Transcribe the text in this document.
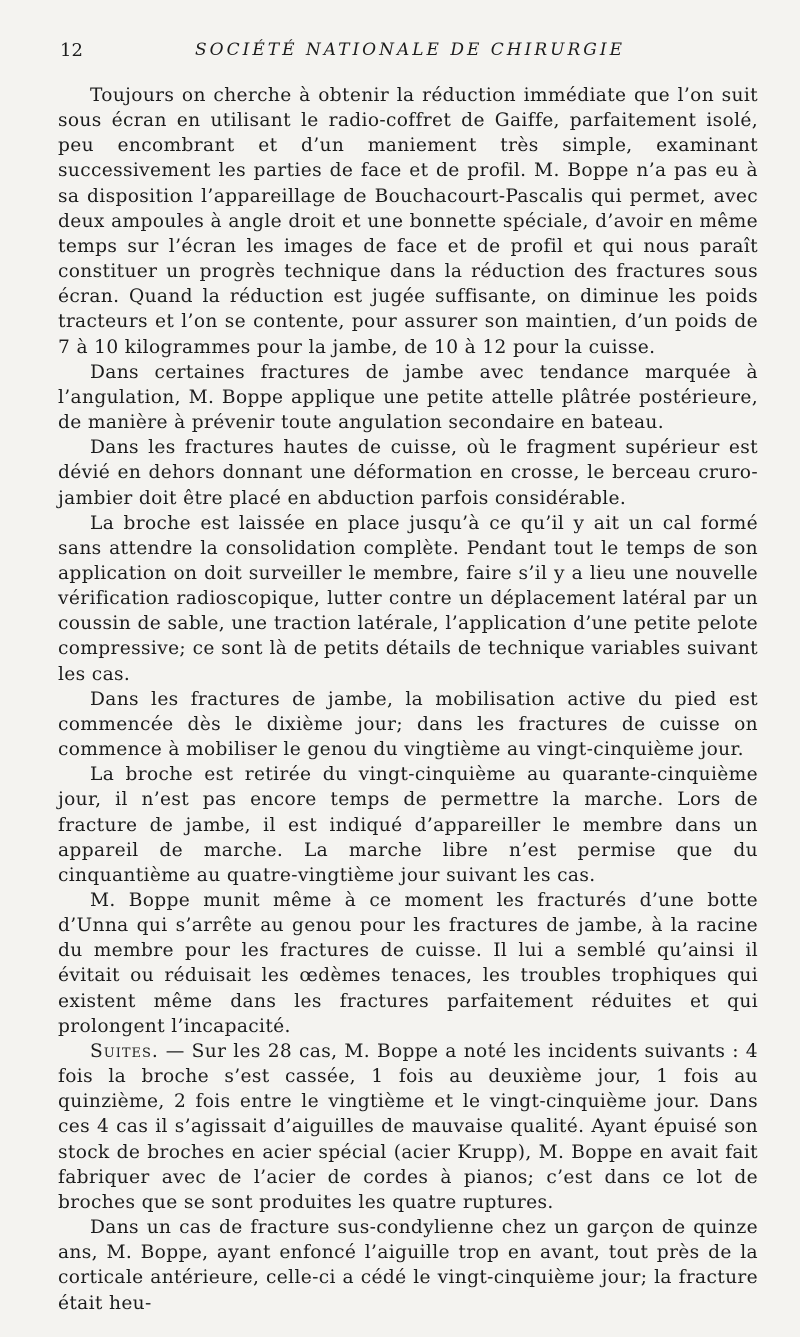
12	SOCIÉTÉ NATIONALE DE CHIRURGIE

Toujours on cherche à obtenir la réduction immédiate que l’on suit sous écran en utilisant le radio-coffret de Gaiffe, parfaitement isolé, peu encombrant et d’un maniement très simple, examinant successivement les parties de face et de profil. M. Boppe n’a pas eu à sa disposition l’appareillage de Bouchacourt-Pascalis qui permet, avec deux ampoules à angle droit et une bonnette spéciale, d’avoir en même temps sur l’écran les images de face et de profil et qui nous paraît constituer un progrès technique dans la réduction des fractures sous écran. Quand la réduction est jugée suffisante, on diminue les poids tracteurs et l’on se contente, pour assurer son maintien, d’un poids de 7 à 10 kilogrammes pour la jambe, de 10 à 12 pour la cuisse.

Dans certaines fractures de jambe avec tendance marquée à l’angulation, M. Boppe applique une petite attelle plâtrée postérieure, de manière à prévenir toute angulation secondaire en bateau.

Dans les fractures hautes de cuisse, où le fragment supérieur est dévié en dehors donnant une déformation en crosse, le berceau cruro-jambier doit être placé en abduction parfois considérable.

La broche est laissée en place jusqu’à ce qu’il y ait un cal formé sans attendre la consolidation complète. Pendant tout le temps de son application on doit surveiller le membre, faire s’il y a lieu une nouvelle vérification radioscopique, lutter contre un déplacement latéral par un coussin de sable, une traction latérale, l’application d’une petite pelote compressive; ce sont là de petits détails de technique variables suivant les cas.

Dans les fractures de jambe, la mobilisation active du pied est commencée dès le dixième jour; dans les fractures de cuisse on commence à mobiliser le genou du vingtième au vingt-cinquième jour.

La broche est retirée du vingt-cinquième au quarante-cinquième jour, il n’est pas encore temps de permettre la marche. Lors de fracture de jambe, il est indiqué d’appareiller le membre dans un appareil de marche. La marche libre n’est permise que du cinquantième au quatre-vingtième jour suivant les cas.

M. Boppe munit même à ce moment les fracturés d’une botte d’Unna qui s’arrête au genou pour les fractures de jambe, à la racine du membre pour les fractures de cuisse. Il lui a semblé qu’ainsi il évitait ou réduisait les œdèmes tenaces, les troubles trophiques qui existent même dans les fractures parfaitement réduites et qui prolongent l’incapacité.

Suites. — Sur les 28 cas, M. Boppe a noté les incidents suivants : 4 fois la broche s’est cassée, 1 fois au deuxième jour, 1 fois au quinzième, 2 fois entre le vingtième et le vingt-cinquième jour. Dans ces 4 cas il s’agissait d’aiguilles de mauvaise qualité. Ayant épuisé son stock de broches en acier spécial (acier Krupp), M. Boppe en avait fait fabriquer avec de l’acier de cordes à pianos; c’est dans ce lot de broches que se sont produites les quatre ruptures.

Dans un cas de fracture sus-condylienne chez un garçon de quinze ans, M. Boppe, ayant enfoncé l’aiguille trop en avant, tout près de la corticale antérieure, celle-ci a cédé le vingt-cinquième jour; la fracture était heu-
